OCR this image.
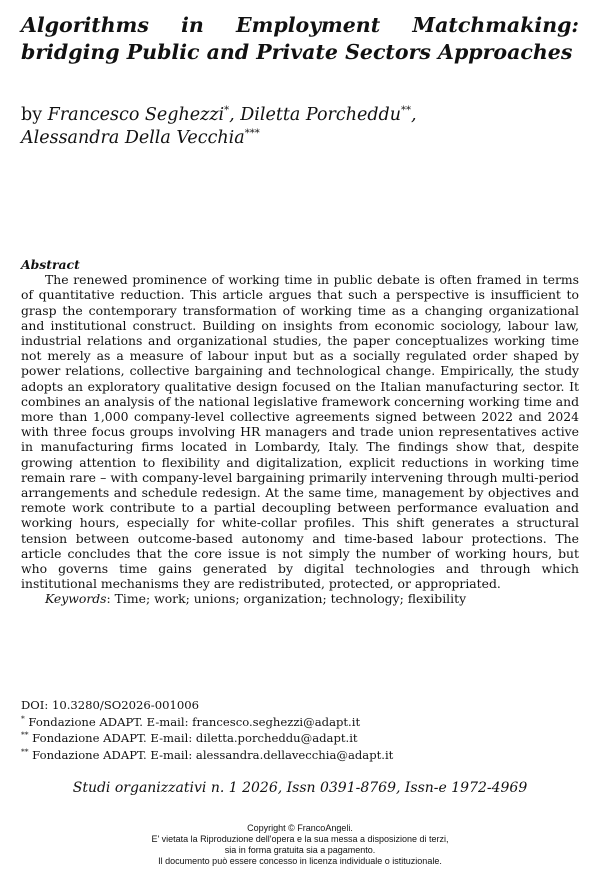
Algorithms in Employment Matchmaking:
bridging Public and Private Sectors Approaches
by Francesco Seghezzi*, Diletta Porcheddu**,
Alessandra Della Vecchia***

Abstract

The renewed prominence of working time in public debate is often framed in terms of quantitative reduction. This article argues that such a perspective is insufficient to grasp the contemporary transformation of working time as a changing organizational and institutional construct. Building on insights from economic sociology, labour law, industrial relations and organizational studies, the paper conceptualizes working time not merely as a measure of labour input but as a socially regulated order shaped by power relations, collective bargaining and technological change. Empirically, the study adopts an exploratory qualitative design focused on the Italian manufacturing sector. It combines an analysis of the national legislative framework concerning working time and more than 1,000 company-level collective agreements signed between 2022 and 2024 with three focus groups involving HR managers and trade union representatives active in manufacturing firms located in Lombardy, Italy. The findings show that, despite growing attention to flexibility and digitalization, explicit reductions in working time remain rare – with company-level bargaining primarily intervening through multi-period arrangements and schedule redesign. At the same time, management by objectives and remote work contribute to a partial decoupling between performance evaluation and working hours, especially for white-collar profiles. This shift generates a structural tension between outcome-based autonomy and time-based labour protections. The article concludes that the core issue is not simply the number of working hours, but who governs time gains generated by digital technologies and through which institutional mechanisms they are redistributed, protected, or appropriated.

Keywords: Time; work; unions; organization; technology; flexibility

DOI: 10.3280/SO2026-001006

* Fondazione ADAPT. E-mail: francesco.seghezzi@adapt.it

** Fondazione ADAPT. E-mail: diletta.porcheddu@adapt.it

** Fondazione ADAPT. E-mail: alessandra.dellavecchia@adapt.it

Studi organizzativi n. 1 2026, Issn 0391-8769, Issn-e 1972-4969

Copyright © FrancoAngeli.

E' vietata la Riproduzione dell'opera e la sua messa a disposizione di terzi,

sia in forma gratuita sia a pagamento.

Il documento può essere concesso in licenza individuale o istituzionale.
